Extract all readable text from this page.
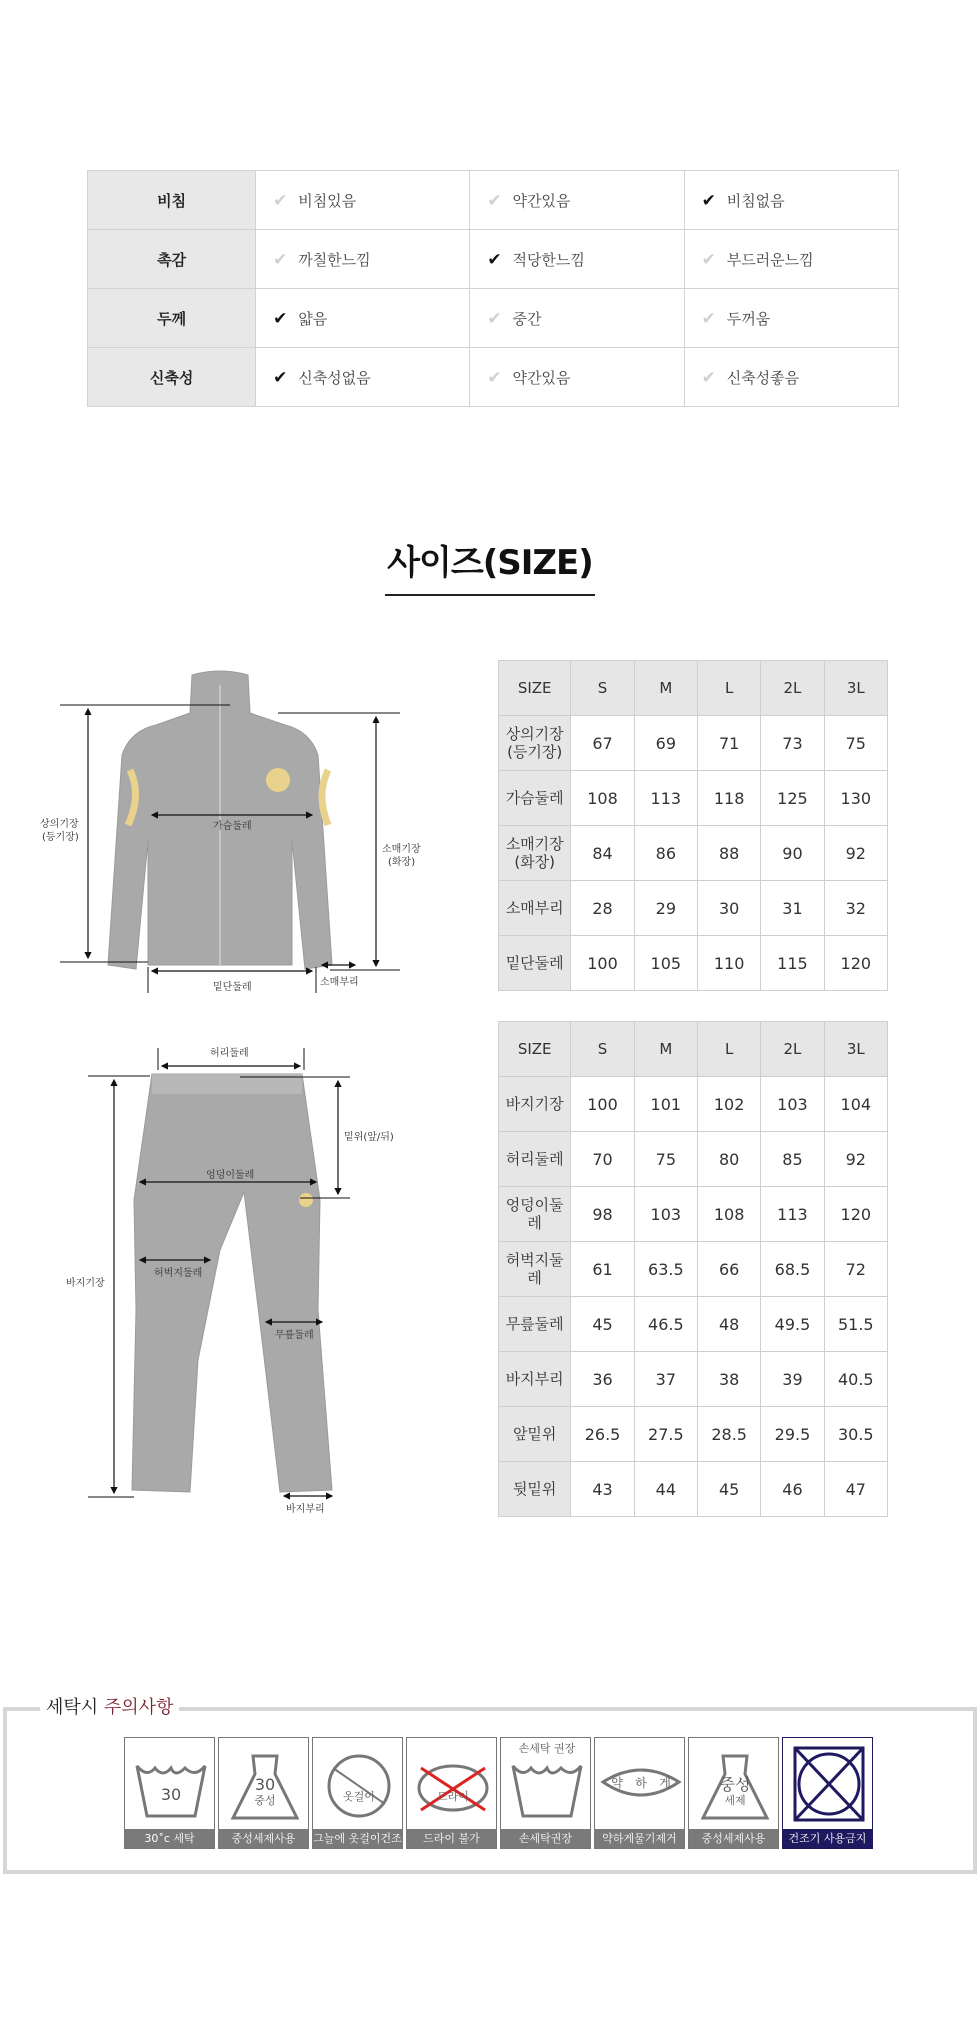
비침	✔ 비침있음	✔ 약간있음	✔ 비침없음
촉감	✔ 까칠한느낌	✔ 적당한느낌	✔ 부드러운느낌
두께	✔ 얇음	✔ 중간	✔ 두꺼움
신축성	✔ 신축성없음	✔ 약간있음	✔ 신축성좋음
사이즈(SIZE)
상의기장
(등기장)
가슴둘레
소매기장
(화장)
밑단둘레	소매부리
허리둘레
밑위(앞/뒤)
엉덩이둘레
허벅지둘레
바지기장
무릎둘레
바지부리
SIZE	S	M	L	2L	3L
상의기장
(등기장)	67	69	71	73	75
가슴둘레	108	113	118	125	130
소매기장
(화장)	84	86	88	90	92
소매부리	28	29	30	31	32
밑단둘레	100	105	110	115	120
SIZE	S	M	L	2L	3L
바지기장	100	101	102	103	104
허리둘레	70	75	80	85	92
엉덩이둘레	98	103	108	113	120
허벅지둘레	61	63.5	66	68.5	72
무릎둘레	45	46.5	48	49.5	51.5
바지부리	36	37	38	39	40.5
앞밑위	26.5	27.5	28.5	29.5	30.5
뒷밑위	43	44	45	46	47
세탁시 주의사항
30
30˚c 세탁
30
중성
중성세제사용
옷걸이
그늘에 옷걸이건조
드라이
드라이 불가
손세탁 권장
손세탁권장
약 하 게
약하게물기제거
중성
세제
중성세제사용	건조기 사용금지
